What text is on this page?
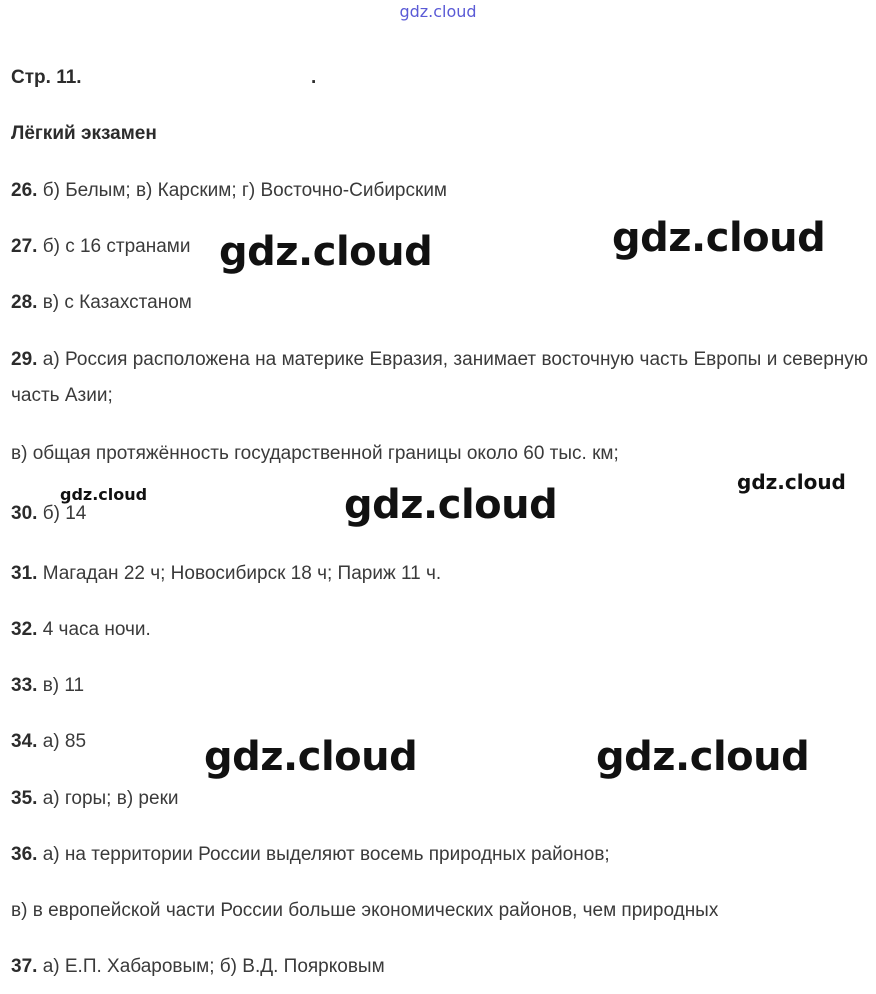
gdz.cloud
Стр. 11.	.
Лёгкий экзамен
26. б) Белым; в) Карским; г) Восточно-Сибирским
27. б) с 16 странами
28. в) с Казахстаном
29. а) Россия расположена на материке Евразия, занимает восточную часть Европы и северную часть Азии;
в) общая протяжённость государственной границы около 60 тыс. км;
30. б) 14
31. Магадан 22 ч; Новосибирск 18 ч; Париж 11 ч.
32. 4 часа ночи.
33. в) 11
34. а) 85
35. а) горы; в) реки
36. а) на территории России выделяют восемь природных районов;
в) в европейской части России больше экономических районов, чем природных
37. а) Е.П. Хабаровым; б) В.Д. Поярковым
gdz.cloud	gdz.cloud
gdz.cloud
gdz.cloud	gdz.cloud
gdz.cloud
gdz.cloud
